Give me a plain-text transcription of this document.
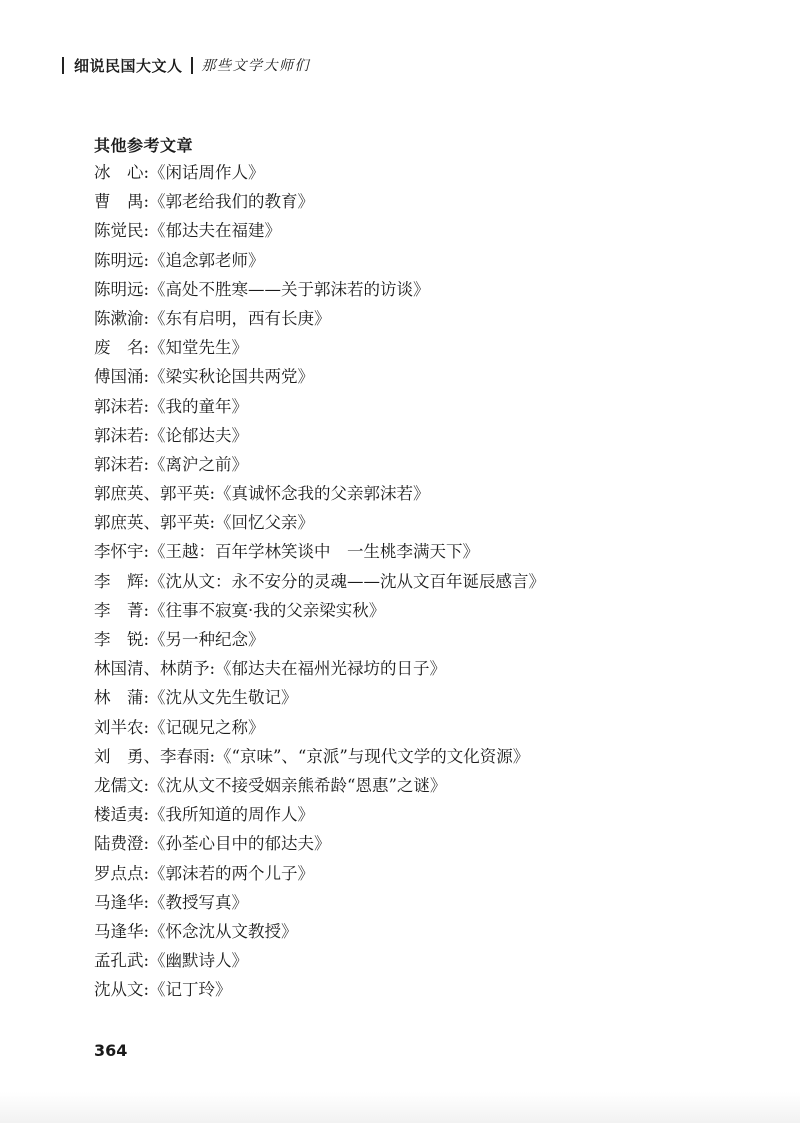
细说民国大文人 那些文学大师们
其他参考文章
冰　心:《闲话周作人》
曹　禺:《郭老给我们的教育》
陈觉民:《郁达夫在福建》
陈明远:《追念郭老师》
陈明远:《高处不胜寒——关于郭沫若的访谈》
陈漱渝:《东有启明，西有长庚》
废　名:《知堂先生》
傅国涌:《梁实秋论国共两党》
郭沫若:《我的童年》
郭沫若:《论郁达夫》
郭沫若:《离沪之前》
郭庶英、郭平英:《真诚怀念我的父亲郭沫若》
郭庶英、郭平英:《回忆父亲》
李怀宇:《王越：百年学林笑谈中　一生桃李满天下》
李　辉:《沈从文：永不安分的灵魂——沈从文百年诞辰感言》
李　菁:《往事不寂寞·我的父亲梁实秋》
李　锐:《另一种纪念》
林国清、林荫予:《郁达夫在福州光禄坊的日子》
林　蒲:《沈从文先生敬记》
刘半农:《记砚兄之称》
刘　勇、李春雨:《“京味”、“京派”与现代文学的文化资源》
龙儒文:《沈从文不接受姻亲熊希龄“恩惠”之谜》
楼适夷:《我所知道的周作人》
陆费澄:《孙荃心目中的郁达夫》
罗点点:《郭沫若的两个儿子》
马逢华:《教授写真》
马逢华:《怀念沈从文教授》
孟孔武:《幽默诗人》
沈从文:《记丁玲》
364
